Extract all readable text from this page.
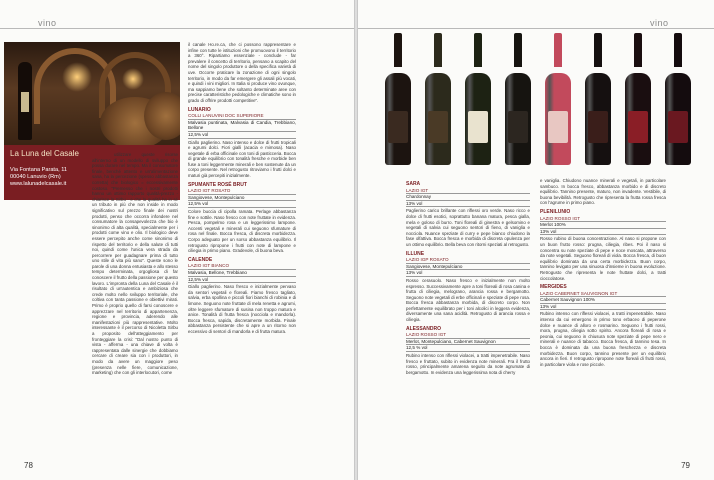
vino
La Luna del Casale
Via Fontana Parata, 11
00040 Lanuvio (Rm)
www.lalunadelcasale.it
utilizzare queste risorse all'interno di un modello di sviluppo che possa durare nel tempo. Ma il consumatore finale, benché attento e un'alimentazione sana, ha la percezione (spesso abbastanza corretta) che biologico = eccessivamente costoso. "Premesso che i nostri prodotti hanno un ottimo rapporto qualità-prezzo - chiarisce la Sirbu - e che la qualità ha in sé un tributo in più che non inside in modo significativo sul prezzo finale dei nostri prodotti, penso che occorra infondere nel consumatore la consapevolezza che bio è sinonimo di alta qualità, specialmente per i prodotti come vino e olio. Il biologico deve essere percepito anche come sinonimo di rispetto del territorio e della salute di tutti noi, quindi come l'unica vera strada da percorrere per guadagnare prima di tutto uno stile di vita più sano". Queste sono le parole di una donna entusiasta e allo stesso tempo determinata, orgogliosa di far conoscere il frutto della passione per questo lavoro. L'impronta della Luna del Casale è il risultato di un'autentica e ambiziosa che crede molto nello sviluppo territoriale, che coltiva con tanta passione e obiettivi mirati. Primo è proprio quello di farsi conoscere e apprezzare nel territorio di appartenenza, regione e provincia, aderendo alle manifestazioni più rappresentative. Molto interessante è il percorso di Nicoletta Sirbu a proposito dell'atteggiamento per fronteggiare la crisi: "Dal nostro punto di vista - afferma - una chiave di volta è rappresentata dalle sinergie che dobbiamo cercare di creare sia con i produttori, in modo da avere un maggiore peso (presenza nelle fiere, comunicazione, marketing) che con gli interlocutori, come
il canale Ho.re.ca, che ci possono rappresentare e infine con tutte le istituzioni che promuovono il territorio a 360°. Ripartiamo essenziale - conclude - far prevalere il concetto di territorio, pensano a scapito del nome del singolo produttore o della specifica varietà di uve. Occorre praticare la zonazione di ogni singolo territorio, in modo da far emergere gli assali più vocati, e quindi i vini migliori. In Italia si produce vino ovunque, ma sappiamo bene che soltanto determinate aree con precise caratteristiche pedologiche e climatiche sono in grado di offrire prodotti competitive".
LUNARIO
COLLI LANUVINI DOC SUPERIORE
Malvasia puntinata, Malvasia di Candia, Trebbiano, Bellone
12,5% vol
Giallo paglierino. Naso intenso e dolce di frutti tropicali e agrumi dolci. Fiori gialli (acacia e mimosa). Naso vegetale di erba officinale con toni di pasticceria. Bocca di grande equilibrio con tonalità fresche e morbide ben fuse a toni leggermente minerali e ben sostenute da un corpo presente. Nel retrogusto ritroviamo i frutti dolci e maturi già percepiti inizialmente.
SPUMANTE ROSÉ BRUT
LAZIO IGT ROSATO
Sangiovese, Montepulciano
12,5% vol
Colore buccia di cipolla ramata. Perlage abbastanza fine e sottile. Naso fresco con note fruttate in evidenza. Pesca, pompelmo rosa e un leggerissimo lampone. Accenti vegetali e minerali cui seguono sfumature di rosa nel finale. Bocca fresca, di discreta morbidezza. Corpo adeguato per un sorso abbastanza equilibrio. Il retrogusto ripropone i frutti con note di lampone e ciliegia in primo piano. Gradevole, di buona beva.
CALENDE
LAZIO IGT BIANCO
Malvasia, Bellone, Trebbiano
12,5% vol
Giallo paglierino. Naso fresco e inizialmente pervaso da sentori vegetali e floreali. Fiamo fresco tagliato, salvia, erba spollina e piccoli fiori bianchi di robinia e di limone. Seguono note fruttate di mela renetta e agrumi, oltre leggere sfumature di susina non troppo matura e anice. Tonalità di frutta fresca (nocciola e mandorla). Bocca fresca, sapida, discretamente morbida. Finale abbastanza persistente che si apre a un ritorno non eccessivo di sentori di mandorla e di frutta matura.
78
vino
SARA
LAZIO IGT
Chardonnay
13% vol
Paglierino carico brillante con riflessi oro verde. Naso ricco e dolce di frutti esotici, soprattutto banana matura, pesca gialla, mela e goloso di burro. Toni floreali di ginestra e gelsomino e vegetali di salvia cui seguono sentori di fieno, di vaniglia e nocciola. Nuance speziate di curry e pepe bianco chiudono la fase olfattiva. Bocca fresca e morbida di discreta opulenza per un ottimo equilibrio. Bella beva con ritorni speziati al retrogusto.
ILLUNE
LAZIO IGP ROSATO
Sangiovese, Montepulciano
13% vol
Rosso cerasuolo. Naso fresco e inizialmente non molto espresso. Successivamente apre a toni floreali di rosa canina e frutta di ciliegia, melograno, arancia rossa e bergamotto. Seguono note vegetali di erbe officinali e speziate di pepe rosa. Bocca fresca abbastanza morbida, di discreto corpo. Non perfettamente equilibrato per i toni alcolici in leggera evidenza, diversamente una sana acidità. Retrogusto di arancia rossa e ciliegia.
ALESSANDRO
LAZIO ROSSO IGT
Merlot, Montepulciano, Cabernet Sauvignon
12,5 % vol
Rubino intenso con riflessi violacei, a tratti impenetrabile. Naso fresco e fruttato, subito in evidenza note minerali. Fra il frutto rosso, principalmente amarena seguito da note agrumate di bergamotto. In evidenza una leggerissima nota di cherry
e vaniglia. Chiudono nuance minerali e vegetali, in particolare sambuco. In bocca fresco, abbastanza morbido e di discreto equilibrio. Tannino presente, maturo, non invadente. Vestibile, di buona bevibilità. Retrogusto che ripresenta la frutta rossa fresca con l'agrume in primo piano.
PLENILUNIO
LAZIO ROSSO IGT
Merlot 100%
13% vol
Rosso rubino di buona concentrazione. Al naso si propone con un buon frutto rosso: prugna, ciliegia, ribes. Poi il naso si concentra su note speziate di pepe e noce moscata, attraverso da note vegetali. Seguono floreali di viola. Bocca fresca, di buon equilibrio dominata da una certa morbidezza. Buon corpo, tannino levigato per una sinuosa d'insieme in buona evoluzione. Retrogusto che ripresenta le note fruttate dolci, a tratti cioccolatose.
MERGIDES
LAZIO CABERNET SAUVIGNON IGT
Cabernet Sauvignon 100%
13% vol
Rubino intenso con riflessi violacei, a tratti impenetrabile. Naso intenso da cui emergono in primo tono erbaceo di peperone dolce e nuance di alloro e rosmarino. Seguono i frutti rossi, mora, prugna, ciliegia sotto spirito. Ancora floreali di rosa e peonia, cui seguono in chiusura note speziate di pepe nero e minerali e nuance di tabacco. Bocca fresca, di tannino tesa. In bocca è dominata da una buona freschezza e discreta morbidezza. Buon corpo, tannino presente per un equilibrio ancora in fieri. Il retrogusto ripropone note floreali di frutti rossi, in particolare viola e rose piccole.
79
